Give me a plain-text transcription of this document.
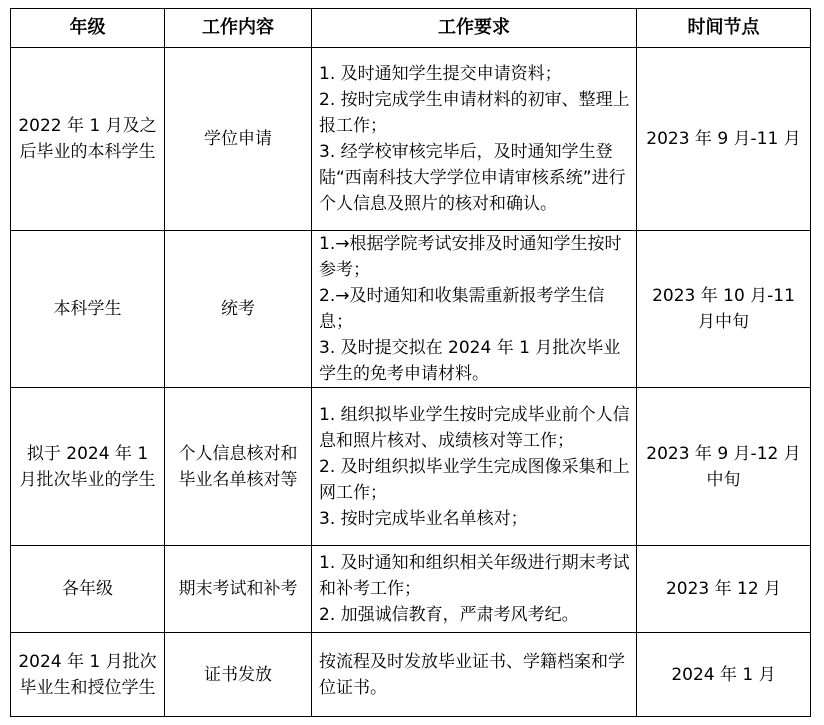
年级	工作内容	工作要求	时间节点
2022 年 1 月及之后毕业的本科学生	学位申请	1. 及时通知学生提交申请资料；
2. 按时完成学生申请材料的初审、整理上报工作；
3. 经学校审核完毕后，及时通知学生登陆“西南科技大学学位申请审核系统”进行个人信息及照片的核对和确认。	2023 年 9 月-11 月
本科学生	统考	1.→根据学院考试安排及时通知学生按时参考；
2.→及时通知和收集需重新报考学生信息；
3. 及时提交拟在 2024 年 1 月批次毕业学生的免考申请材料。	2023 年 10 月-11 月中旬
拟于 2024 年 1 月批次毕业的学生	个人信息核对和毕业名单核对等	1. 组织拟毕业学生按时完成毕业前个人信息和照片核对、成绩核对等工作；
2. 及时组织拟毕业学生完成图像采集和上网工作；
3. 按时完成毕业名单核对；	2023 年 9 月-12 月中旬
各年级	期末考试和补考	1. 及时通知和组织相关年级进行期末考试和补考工作；
2. 加强诚信教育，严肃考风考纪。	2023 年 12 月
2024 年 1 月批次毕业生和授位学生	证书发放	按流程及时发放毕业证书、学籍档案和学位证书。	2024 年 1 月
